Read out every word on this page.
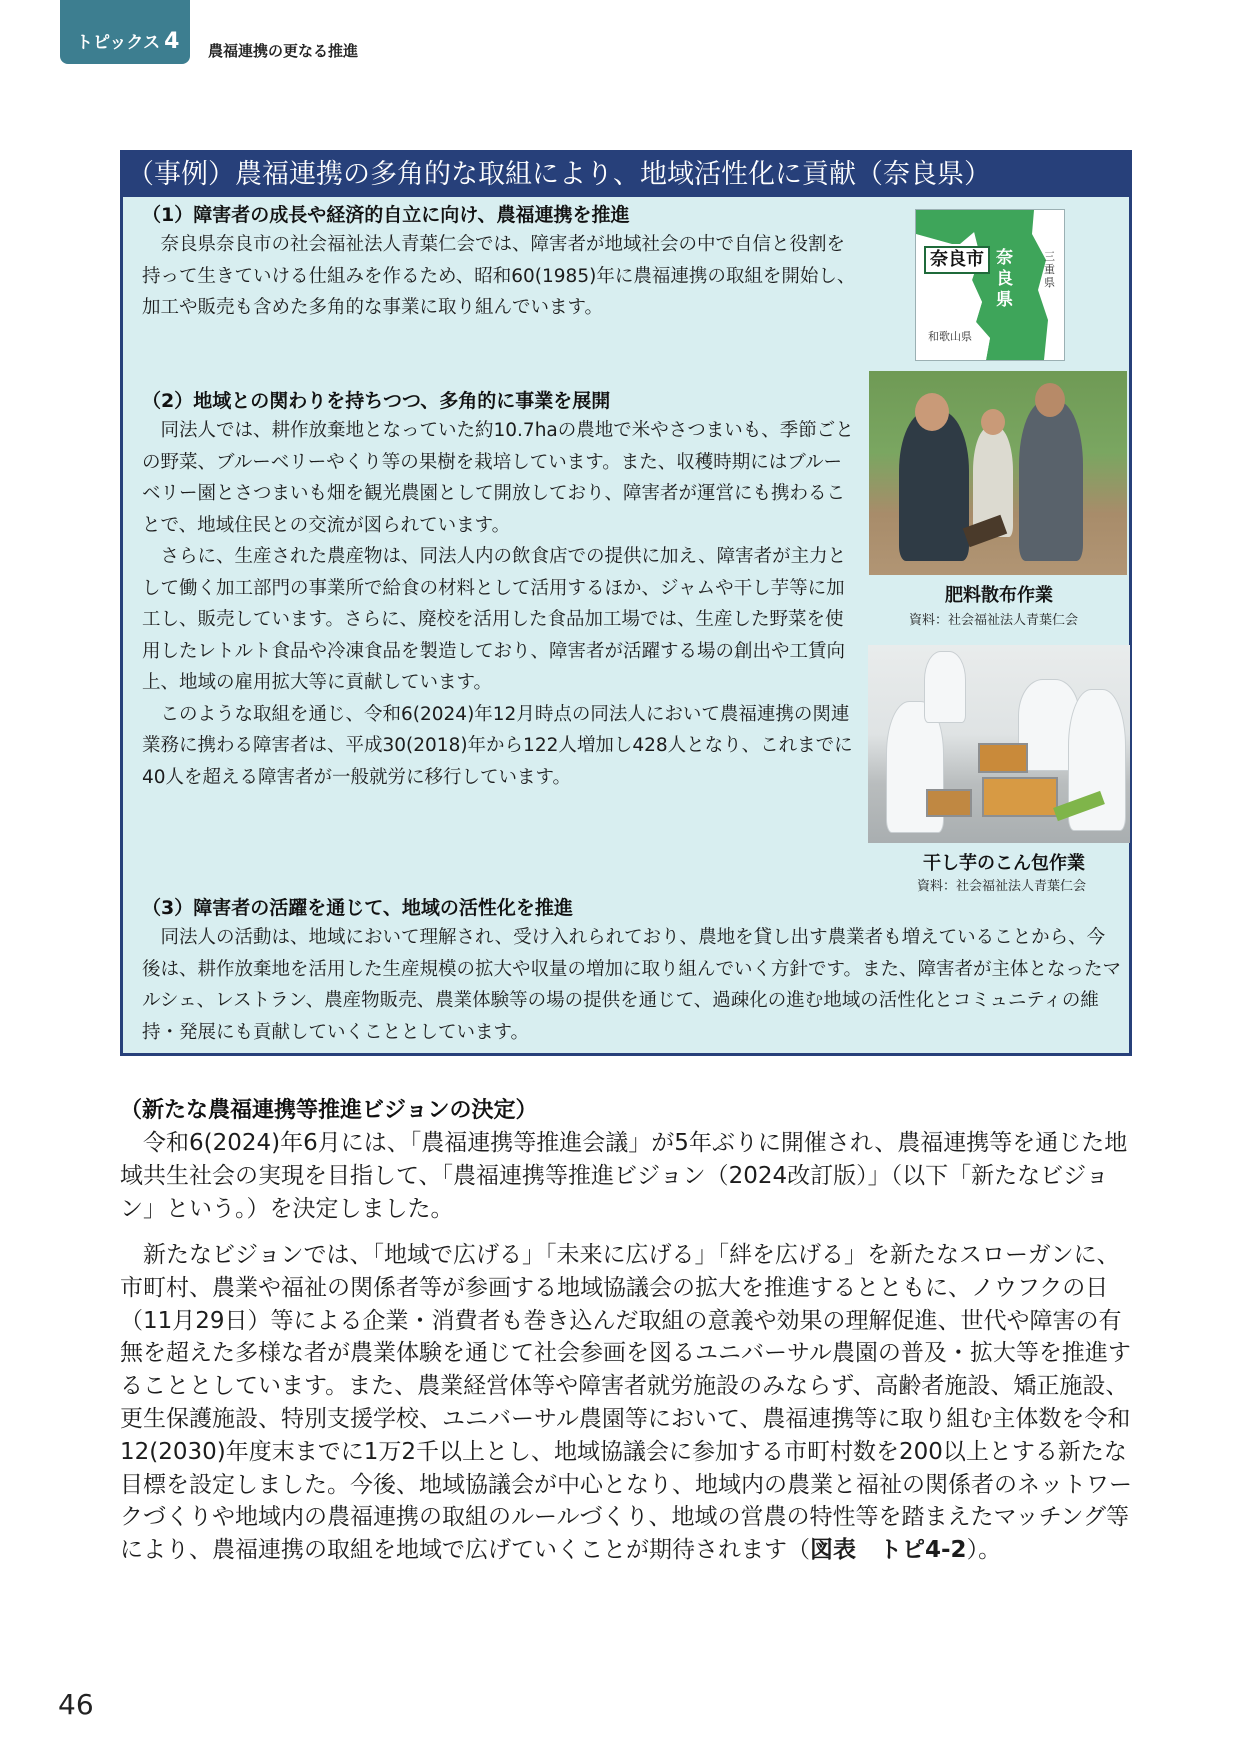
トピックス 4 農福連携の更なる推進
（事例）農福連携の多角的な取組により、地域活性化に貢献（奈良県）
（1）障害者の成長や経済的自立に向け、農福連携を推進

奈良県奈良市の社会福祉法人青葉仁会では、障害者が地域社会の中で自信と役割を持って生きていける仕組みを作るため、昭和60(1985)年に農福連携の取組を開始し、加工や販売も含めた多角的な事業に取り組んでいます。

（2）地域との関わりを持ちつつ、多角的に事業を展開

同法人では、耕作放棄地となっていた約10.7haの農地で米やさつまいも、季節ごとの野菜、ブルーベリーやくり等の果樹を栽培しています。また、収穫時期にはブルーベリー園とさつまいも畑を観光農園として開放しており、障害者が運営にも携わることで、地域住民との交流が図られています。

さらに、生産された農産物は、同法人内の飲食店での提供に加え、障害者が主力として働く加工部門の事業所で給食の材料として活用するほか、ジャムや干し芋等に加工し、販売しています。さらに、廃校を活用した食品加工場では、生産した野菜を使用したレトルト食品や冷凍食品を製造しており、障害者が活躍する場の創出や工賃向上、地域の雇用拡大等に貢献しています。

このような取組を通じ、令和6(2024)年12月時点の同法人において農福連携の関連業務に携わる障害者は、平成30(2018)年から122人増加し428人となり、これまでに40人を超える障害者が一般就労に移行しています。

（3）障害者の活躍を通じて、地域の活性化を推進

同法人の活動は、地域において理解され、受け入れられており、農地を貸し出す農業者も増えていることから、今後は、耕作放棄地を活用した生産規模の拡大や収量の増加に取り組んでいく方針です。また、障害者が主体となったマルシェ、レストラン、農産物販売、農業体験等の場の提供を通じて、過疎化の進む地域の活性化とコミュニティの維持・発展にも貢献していくこととしています。

奈良市 奈良県
三重県
和歌山県
肥料散布作業
資料：社会福祉法人青葉仁会
干し芋のこん包作業
資料：社会福祉法人青葉仁会
（新たな農福連携等推進ビジョンの決定）

令和6(2024)年6月には、「農福連携等推進会議」が5年ぶりに開催され、農福連携等を通じた地域共生社会の実現を目指して、「農福連携等推進ビジョン（2024改訂版）」（以下「新たなビジョン」という。）を決定しました。

新たなビジョンでは、「地域で広げる」「未来に広げる」「絆を広げる」を新たなスローガンに、市町村、農業や福祉の関係者等が参画する地域協議会の拡大を推進するとともに、ノウフクの日（11月29日）等による企業・消費者も巻き込んだ取組の意義や効果の理解促進、世代や障害の有無を超えた多様な者が農業体験を通じて社会参画を図るユニバーサル農園の普及・拡大等を推進することとしています。また、農業経営体等や障害者就労施設のみならず、高齢者施設、矯正施設、更生保護施設、特別支援学校、ユニバーサル農園等において、農福連携等に取り組む主体数を令和12(2030)年度末までに1万2千以上とし、地域協議会に参加する市町村数を200以上とする新たな目標を設定しました。今後、地域協議会が中心となり、地域内の農業と福祉の関係者のネットワークづくりや地域内の農福連携の取組のルールづくり、地域の営農の特性等を踏まえたマッチング等により、農福連携の取組を地域で広げていくことが期待されます（図表　トピ4-2）。

46
